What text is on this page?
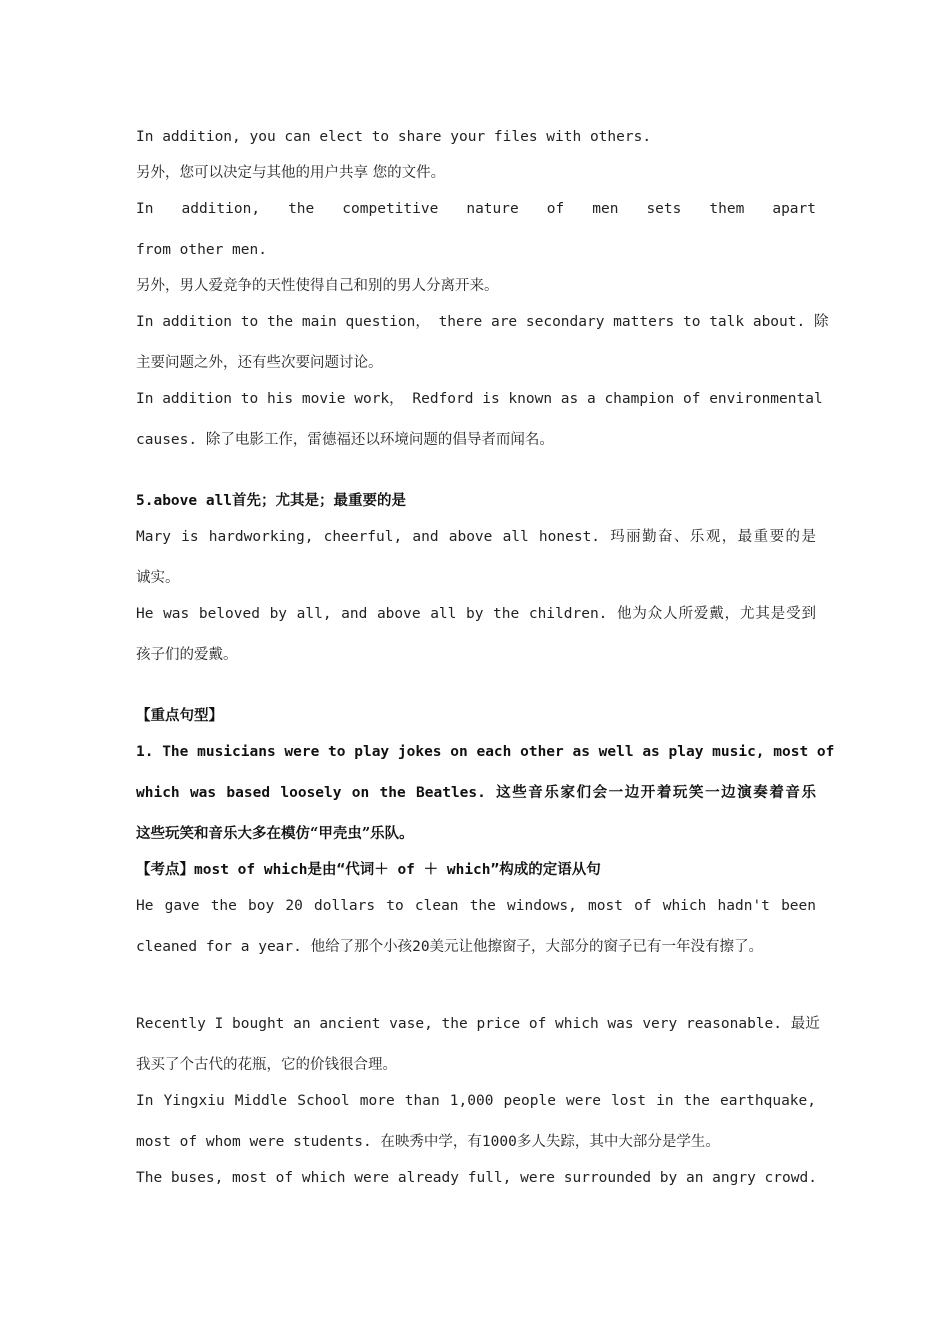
In addition, you can elect to share your files with others.

另外，您可以决定与其他的用户共享 您的文件。

In addition, the competitive nature of men sets them apart

from other men.

另外，男人爱竞争的天性使得自己和别的男人分离开来。

In addition to the main question， there are secondary matters to talk about. 除

主要问题之外，还有些次要问题讨论。

In addition to his movie work， Redford is known as a champion of environmental

causes. 除了电影工作，雷德福还以环境问题的倡导者而闻名。

5.above all首先；尤其是；最重要的是

Mary is hardworking, cheerful, and above all honest. 玛丽勤奋、乐观，最重要的是

诚实。

He was beloved by all, and above all by the children. 他为众人所爱戴，尤其是受到

孩子们的爱戴。

【重点句型】

1. The musicians were to play jokes on each other as well as play music, most of

which was based loosely on the Beatles. 这些音乐家们会一边开着玩笑一边演奏着音乐

这些玩笑和音乐大多在模仿“甲壳虫”乐队。

【考点】most of which是由“代词＋ of ＋ which”构成的定语从句

He gave the boy 20 dollars to clean the windows, most of which hadn't been

cleaned for a year. 他给了那个小孩20美元让他擦窗子，大部分的窗子已有一年没有擦了。

Recently I bought an ancient vase, the price of which was very reasonable. 最近

我买了个古代的花瓶，它的价钱很合理。

In Yingxiu Middle School more than 1,000 people were lost in the earthquake,

most of whom were students. 在映秀中学，有1000多人失踪，其中大部分是学生。

The buses, most of which were already full, were surrounded by an angry crowd.
